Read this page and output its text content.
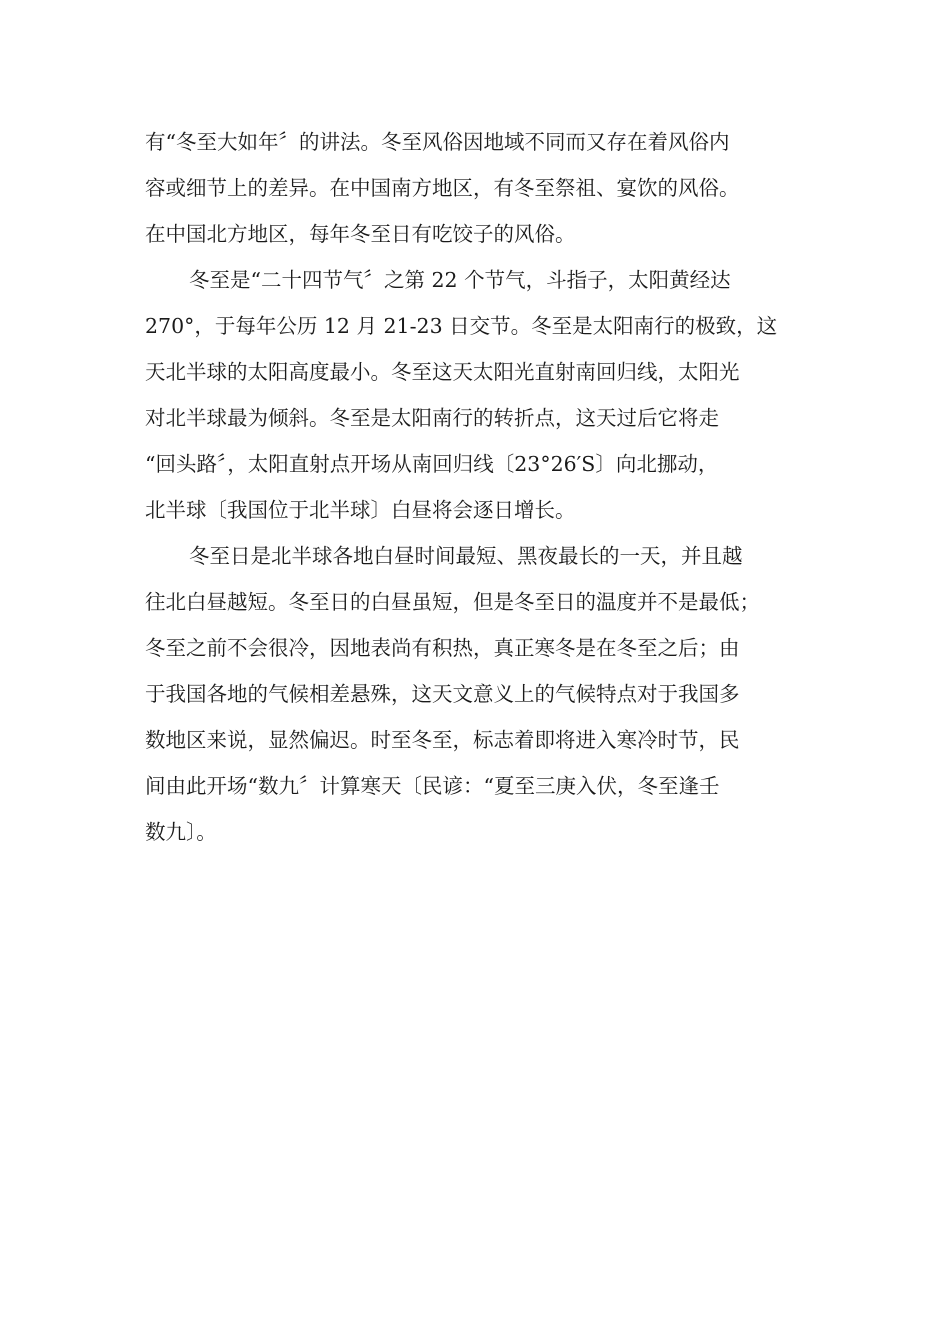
有“冬至大如年〞的讲法。冬至风俗因地域不同而又存在着风俗内
容或细节上的差异。在中国南方地区，有冬至祭祖、宴饮的风俗。
在中国北方地区，每年冬至日有吃饺子的风俗。

冬至是“二十四节气〞之第 22 个节气，斗指子，太阳黄经达
270°，于每年公历 12 月 21-23 日交节。冬至是太阳南行的极致，这
天北半球的太阳高度最小。冬至这天太阳光直射南回归线，太阳光
对北半球最为倾斜。冬至是太阳南行的转折点，这天过后它将走
“回头路〞，太阳直射点开场从南回归线〔23°26′S〕向北挪动，
北半球〔我国位于北半球〕白昼将会逐日增长。

冬至日是北半球各地白昼时间最短、黑夜最长的一天，并且越
往北白昼越短。冬至日的白昼虽短，但是冬至日的温度并不是最低；
冬至之前不会很冷，因地表尚有积热，真正寒冬是在冬至之后；由
于我国各地的气候相差悬殊，这天文意义上的气候特点对于我国多
数地区来说，显然偏迟。时至冬至，标志着即将进入寒冷时节，民
间由此开场“数九〞计算寒天〔民谚：“夏至三庚入伏，冬至逢壬
数九〕。
